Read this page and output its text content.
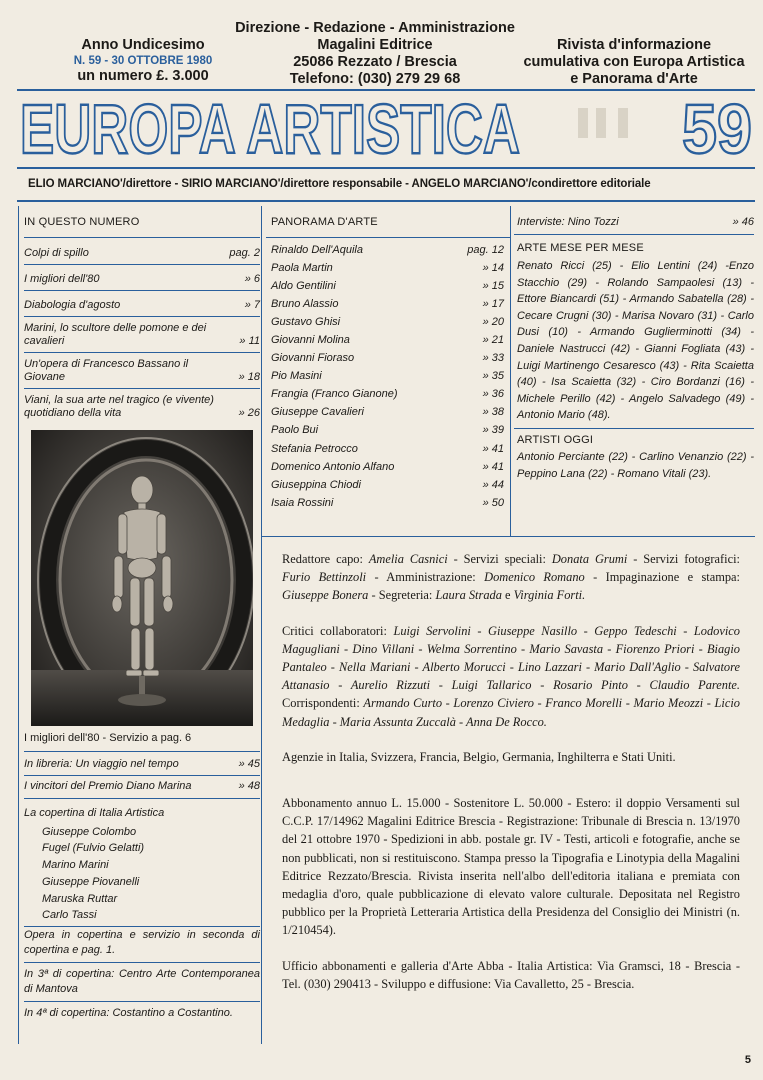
Anno Undicesimo
N. 59 - 30 OTTOBRE 1980
un numero £. 3.000
Direzione - Redazione - Amministrazione
Magalini Editrice
25086 Rezzato / Brescia
Telefono: (030) 279 29 68
Rivista d'informazione
cumulativa con Europa Artistica
e Panorama d'Arte
EUROPA ARTISTICA 59
ELIO MARCIANO'/direttore - SIRIO MARCIANO'/direttore responsabile - ANGELO MARCIANO'/condirettore editoriale
IN QUESTO NUMERO
Colpi di spillo	pag. 2
I migliori dell'80	» 6
Diabologia d'agosto	» 7
Marini, lo scultore delle pomone e dei cavalieri	» 11
Un'opera di Francesco Bassano il Giovane	» 18
Viani, la sua arte nel tragico (e vivente) quotidiano della vita	» 26
I migliori dell'80 - Servizio a pag. 6
In libreria: Un viaggio nel tempo	» 45
I vincitori del Premio Diano Marina	» 48
La copertina di Italia Artistica
Giuseppe Colombo
Fugel (Fulvio Gelatti)
Marino Marini
Giuseppe Piovanelli
Maruska Ruttar
Carlo Tassi
Opera in copertina e servizio in seconda di copertina e pag. 1.
In 3ª di copertina: Centro Arte Contemporanea di Mantova
In 4ª di copertina: Costantino a Costantino.
PANORAMA D'ARTE
Rinaldo Dell'Aquila	pag. 12
Paola Martin	» 14
Aldo Gentilini	» 15
Bruno Alassio	» 17
Gustavo Ghisi	» 20
Giovanni Molina	» 21
Giovanni Fioraso	» 33
Pio Masini	» 35
Frangia (Franco Gianone)	» 36
Giuseppe Cavalieri	» 38
Paolo Bui	» 39
Stefania Petrocco	» 41
Domenico Antonio Alfano	» 41
Giuseppina Chiodi	» 44
Isaia Rossini	» 50
Interviste: Nino Tozzi	» 46
ARTE MESE PER MESE
Renato Ricci (25) - Elio Lentini (24) -Enzo Stacchio (29) - Rolando Sampaolesi (13) - Ettore Biancardi (51) - Armando Sabatella (28) - Cecare Crugni (30) - Marisa Novaro (31) - Carlo Dusi (10) - Armando Guglierminotti (34) - Daniele Nastrucci (42) - Gianni Fogliata (43) - Luigi Martinengo Cesaresco (43) - Rita Scaietta (40) - Isa Scaietta (32) - Ciro Bordanzi (16) - Michele Perillo (42) - Angelo Salvadego (49) - Antonio Mario (48).
ARTISTI OGGI
Antonio Perciante (22) - Carlino Venanzio (22) - Peppino Lana (22) - Romano Vitali (23).

Redattore capo: Amelia Casnici - Servizi speciali: Donata Grumi - Servizi fotografici: Furio Bettinzoli - Amministrazione: Domenico Romano - Impaginazione e stampa: Giuseppe Bonera - Segreteria: Laura Strada e Virginia Forti.

Critici collaboratori: Luigi Servolini - Giuseppe Nasillo - Geppo Tedeschi - Lodovico Magugliani - Dino Villani - Welma Sorrentino - Mario Savasta - Fiorenzo Priori - Biagio Pantaleo - Nella Mariani - Alberto Morucci - Lino Lazzari - Mario Dall'Aglio - Salvatore Attanasio - Aurelio Rizzuti - Luigi Tallarico - Rosario Pinto - Claudio Parente. Corrispondenti: Armando Curto - Lorenzo Civiero - Franco Morelli - Mario Meozzi - Licio Medaglia - Maria Assunta Zuccalà - Anna De Rocco.

Agenzie in Italia, Svizzera, Francia, Belgio, Germania, Inghilterra e Stati Uniti.

Abbonamento annuo L. 15.000 - Sostenitore L. 50.000 - Estero: il doppio Versamenti sul C.C.P. 17/14962 Magalini Editrice Brescia - Registrazione: Tribunale di Brescia n. 13/1970 del 21 ottobre 1970 - Spedizioni in abb. postale gr. IV - Testi, articoli e fotografie, anche se non pubblicati, non si restituiscono. Stampa presso la Tipografia e Linotypia della Magalini Editrice Rezzato/Brescia. Rivista inserita nell'albo dell'editoria italiana e premiata con medaglia d'oro, quale pubblicazione di elevato valore culturale. Depositata nel Registro pubblico per la Proprietà Letteraria Artistica della Presidenza del Consiglio dei Ministri (n. 1/210454).

Ufficio abbonamenti e galleria d'Arte Abba - Italia Artistica: Via Gramsci, 18 - Brescia - Tel. (030) 290413 - Sviluppo e diffusione: Via Cavalletto, 25 - Brescia.

5
